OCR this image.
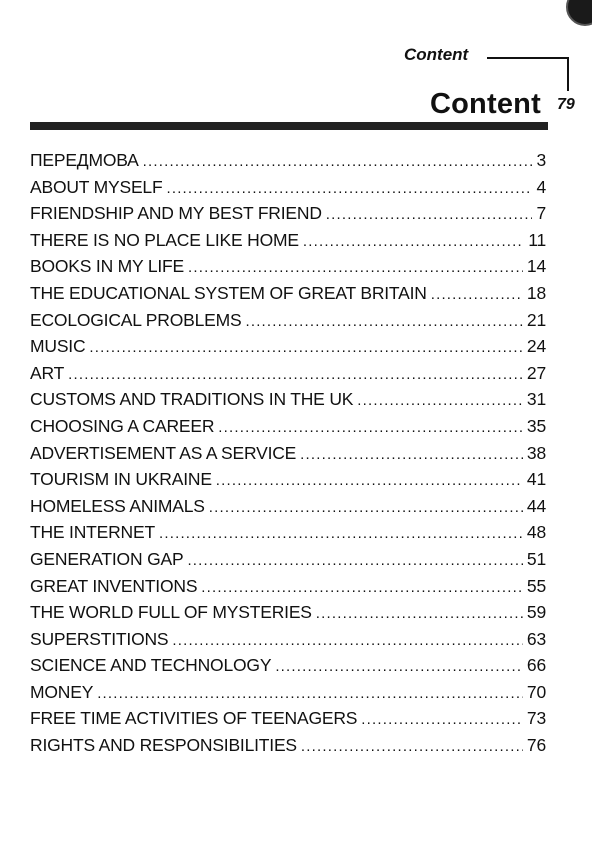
Content
Content 79
ПЕРЕДМОВА .....	3
ABOUT MYSELF .....	4
FRIENDSHIP AND MY BEST FRIEND .....	7
THERE IS NO PLACE LIKE HOME .....	11
BOOKS IN MY LIFE .....	14
THE EDUCATIONAL SYSTEM OF GREAT BRITAIN .....	18
ECOLOGICAL PROBLEMS .....	21
MUSIC .....	24
ART .....	27
CUSTOMS AND TRADITIONS IN THE UK .....	31
CHOOSING A CAREER .....	35
ADVERTISEMENT AS A SERVICE .....	38
TOURISM IN UKRAINE .....	41
HOMELESS ANIMALS .....	44
THE INTERNET .....	48
GENERATION GAP .....	51
GREAT INVENTIONS .....	55
THE WORLD FULL OF MYSTERIES .....	59
SUPERSTITIONS .....	63
SCIENCE AND TECHNOLOGY .....	66
MONEY .....	70
FREE TIME ACTIVITIES OF TEENAGERS .....	73
RIGHTS AND RESPONSIBILITIES .....	76
